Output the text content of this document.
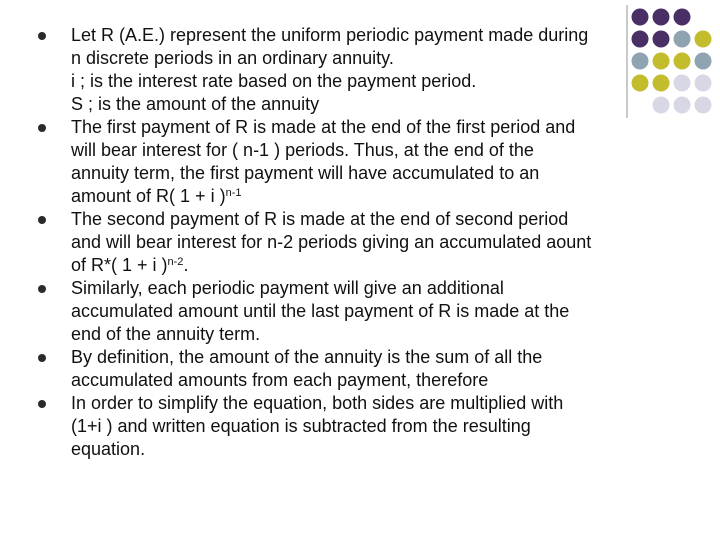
Let R (A.E.) represent the uniform periodic payment made during
n discrete periods in an ordinary annuity.
i ; is the interest rate based on the payment period.
S ; is the amount of the annuity
The first payment of R is made at the end of the first period and
will bear interest for ( n-1 ) periods. Thus, at the end of the
annuity term, the first payment will have accumulated to an
amount of R( 1 + i )$^{n-1}$
The second payment of R is made at the end of second period
and will bear interest for n-2 periods giving an accumulated aount
of R*( 1 + i )$^{n-2}$.
Similarly, each periodic payment will give an additional
accumulated amount until the last payment of R is made at the
end of the annuity term.
By definition, the amount of the annuity is the sum of all the
accumulated amounts from each payment, therefore
In order to simplify the equation, both sides are multiplied with
(1+i ) and written equation is subtracted from the resulting
equation.
